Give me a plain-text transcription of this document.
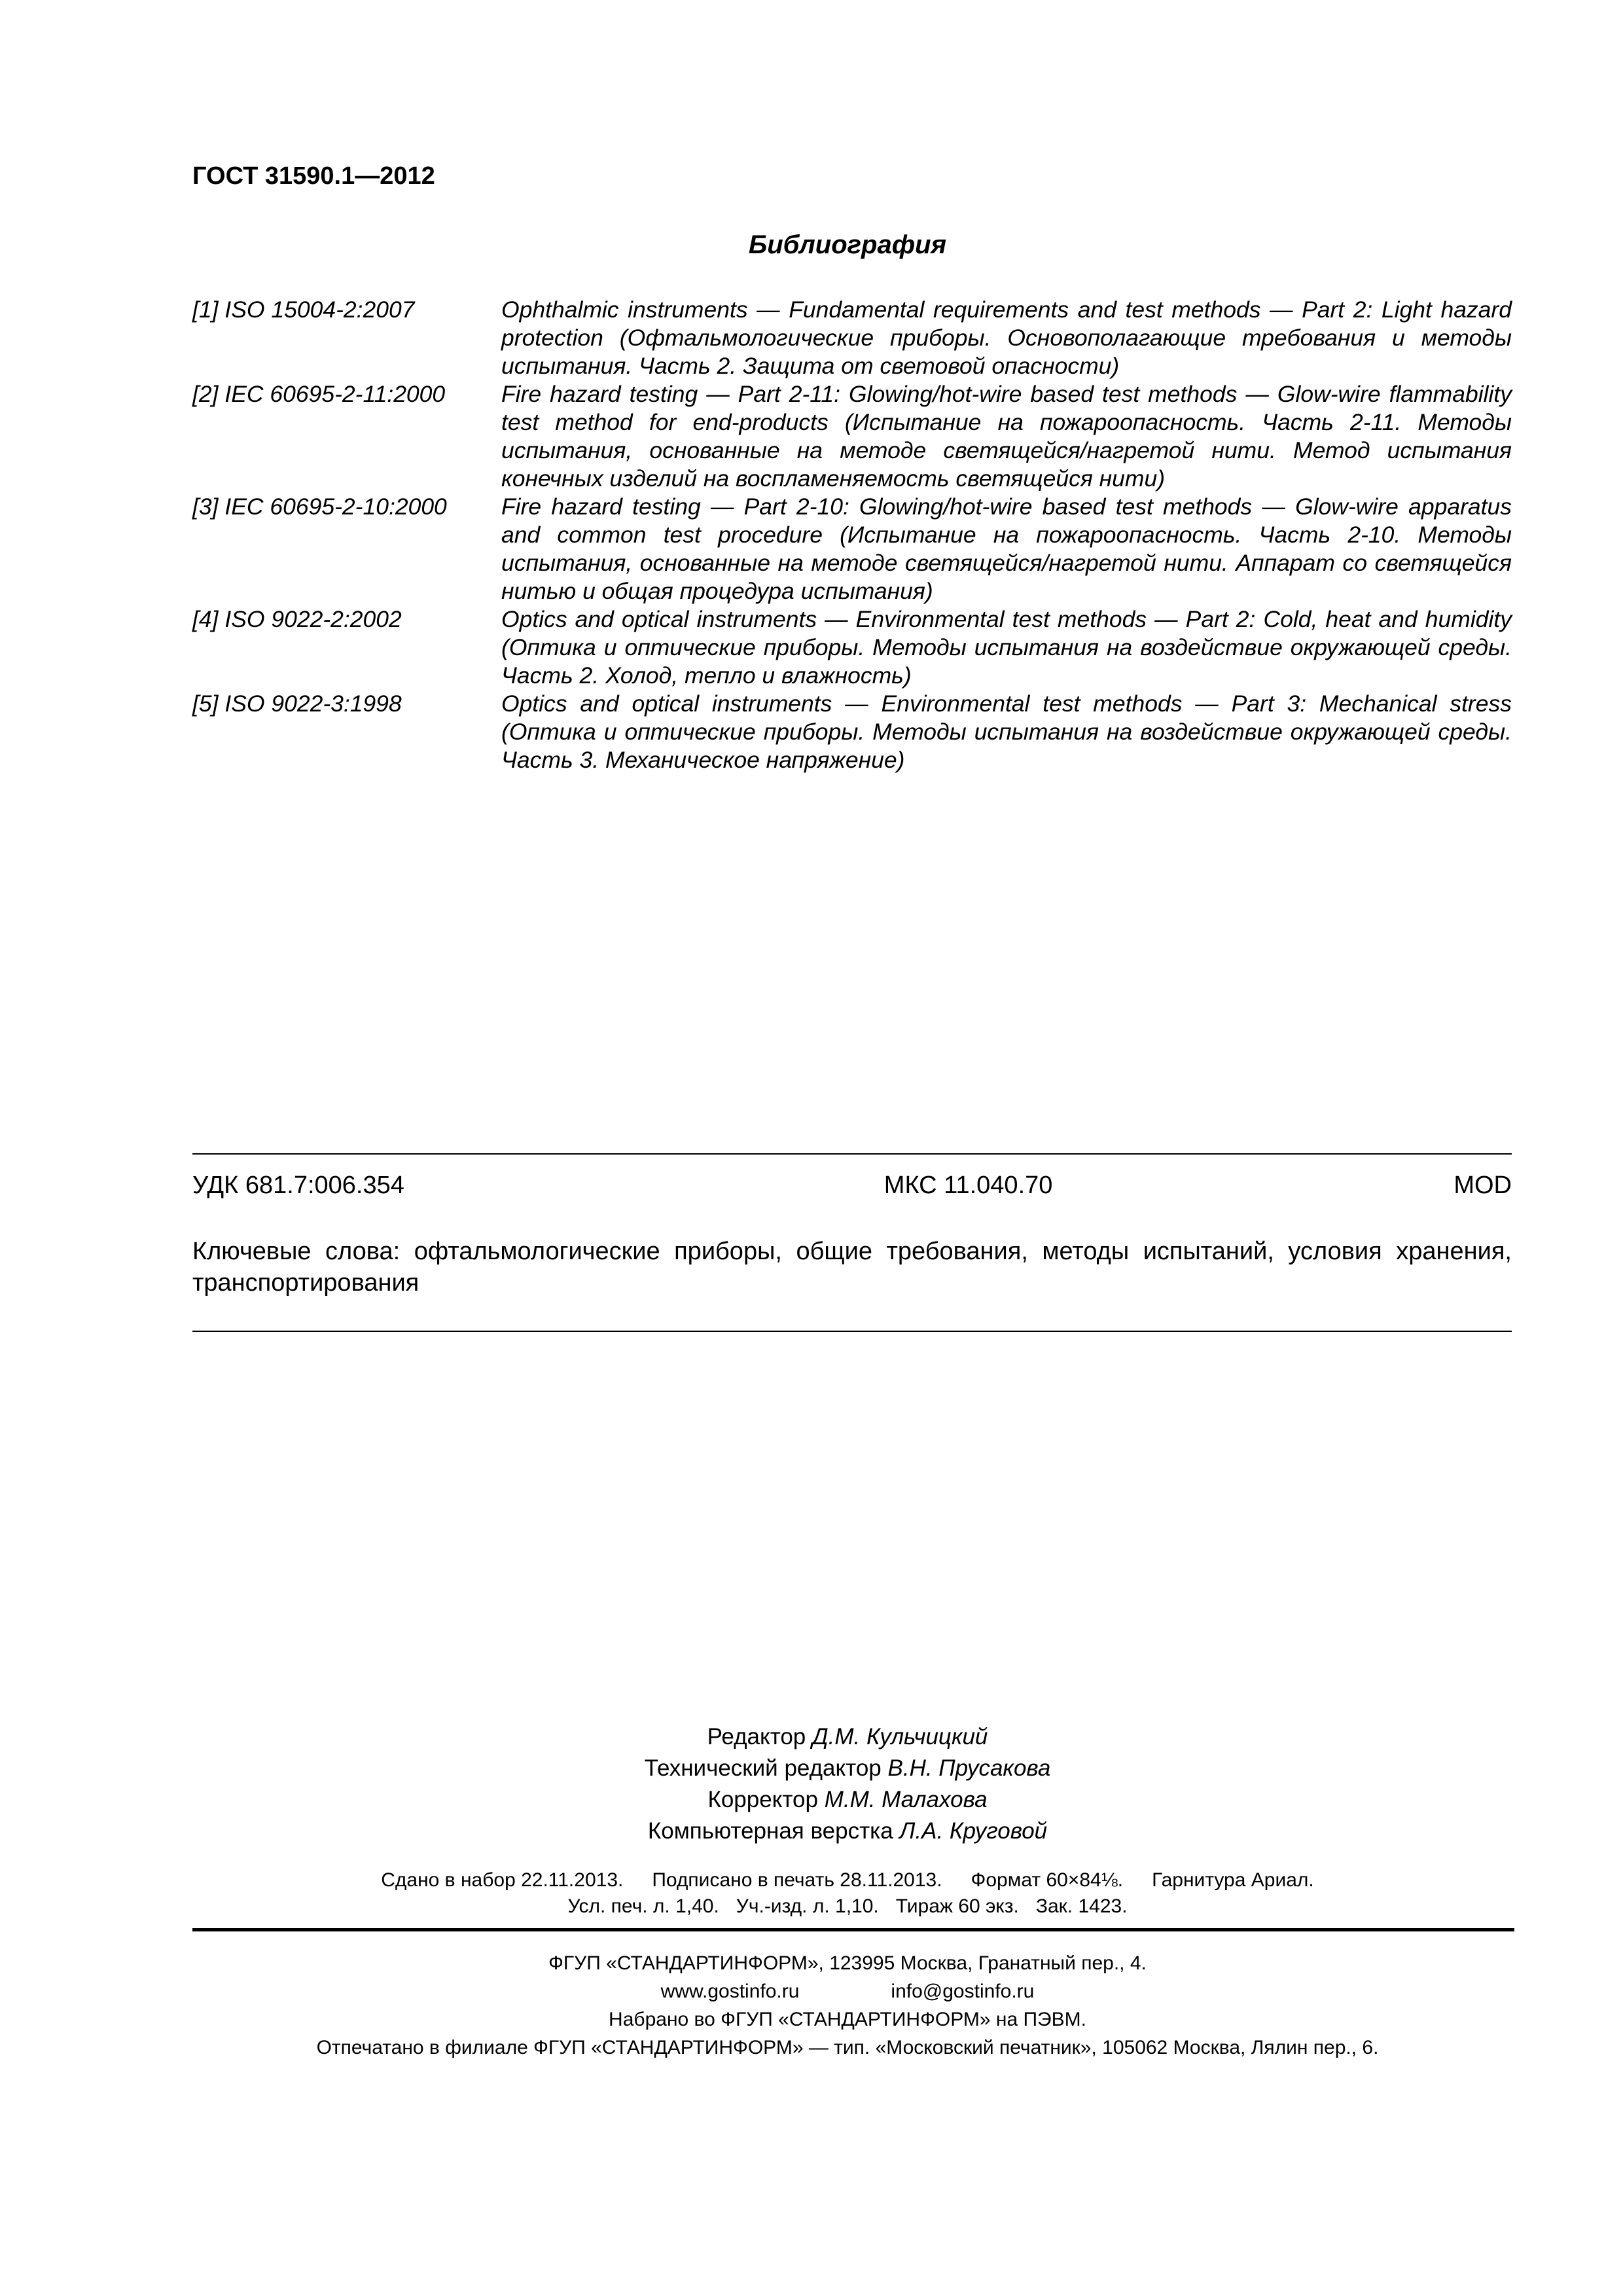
ГОСТ 31590.1—2012
Библиография
[1] ISO 15004-2:2007	Ophthalmic instruments — Fundamental requirements and test methods — Part 2: Light hazard protection (Офтальмологические приборы. Основополагающие требования и методы испытания. Часть 2. Защита от световой опасности)
[2] IEC 60695-2-11:2000	Fire hazard testing — Part 2-11: Glowing/hot-wire based test methods — Glow-wire flammability test method for end-products (Испытание на пожароопасность. Часть 2-11. Методы испытания, основанные на методе светящейся/нагретой нити. Метод испытания конечных изделий на воспламеняемость светящейся нити)
[3] IEC 60695-2-10:2000	Fire hazard testing — Part 2-10: Glowing/hot-wire based test methods — Glow-wire apparatus and common test procedure (Испытание на пожароопасность. Часть 2-10. Методы испытания, основанные на методе светящейся/нагретой нити. Аппарат со светящейся нитью и общая процедура испытания)
[4] ISO 9022-2:2002	Optics and optical instruments — Environmental test methods — Part 2: Cold, heat and humidity (Оптика и оптические приборы. Методы испытания на воздействие окружающей среды. Часть 2. Холод, тепло и влажность)
[5] ISO 9022-3:1998	Optics and optical instruments — Environmental test methods — Part 3: Mechanical stress (Оптика и оптические приборы. Методы испытания на воздействие окружающей среды. Часть 3. Механическое напряжение)
УДК 681.7:006.354	МКС 11.040.70	MOD
Ключевые слова: офтальмологические приборы, общие требования, методы испытаний, условия хранения, транспортирования
Редактор Д.М. Кульчицкий
Технический редактор В.Н. Прусакова
Корректор М.М. Малахова
Компьютерная верстка Л.А. Круговой
Сдано в набор 22.11.2013. Подписано в печать 28.11.2013. Формат 60×84⅛. Гарнитура Ариал.
Усл. печ. л. 1,40. Уч.-изд. л. 1,10. Тираж 60 экз. Зак. 1423.
ФГУП «СТАНДАРТИНФОРМ», 123995 Москва, Гранатный пер., 4.
www.gostinfo.ru	info@gostinfo.ru
Набрано во ФГУП «СТАНДАРТИНФОРМ» на ПЭВМ.
Отпечатано в филиале ФГУП «СТАНДАРТИНФОРМ» — тип. «Московский печатник», 105062 Москва, Лялин пер., 6.
